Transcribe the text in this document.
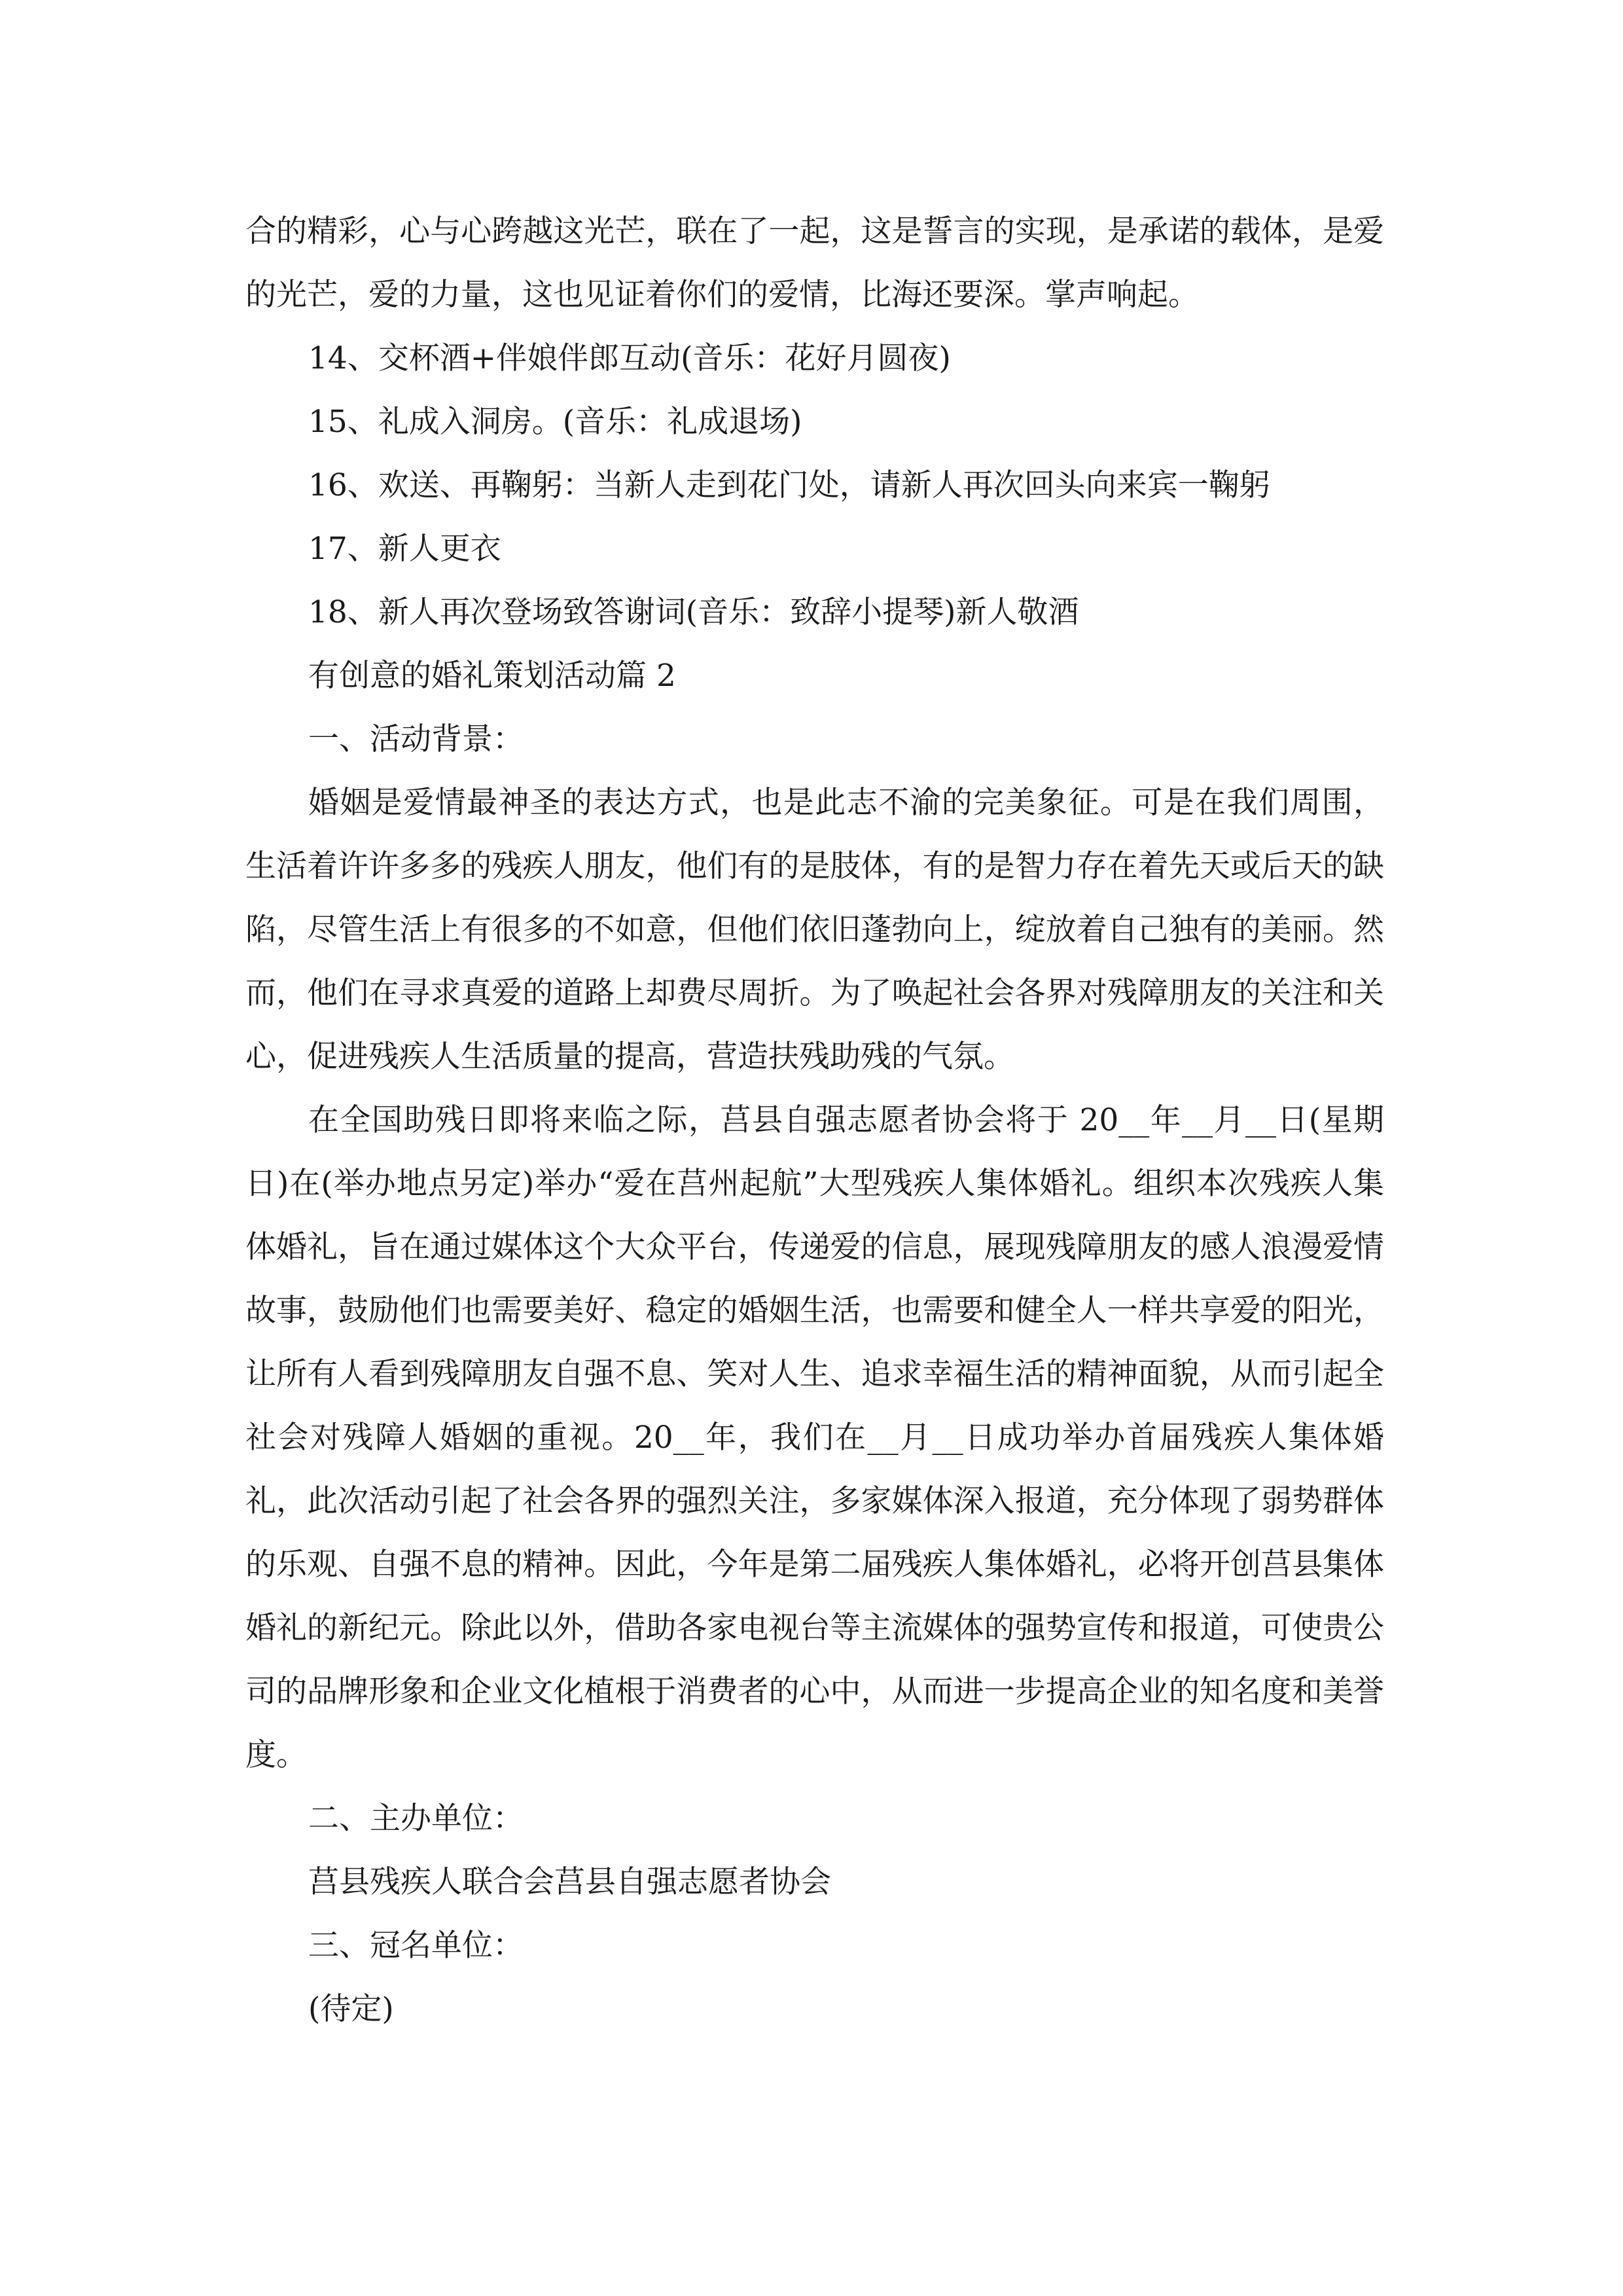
合的精彩，心与心跨越这光芒，联在了一起，这是誓言的实现，是承诺的载体，是爱的光芒，爱的力量，这也见证着你们的爱情，比海还要深。掌声响起。

14、交杯酒+伴娘伴郎互动(音乐：花好月圆夜)

15、礼成入洞房。(音乐：礼成退场)

16、欢送、再鞠躬：当新人走到花门处，请新人再次回头向来宾一鞠躬

17、新人更衣

18、新人再次登场致答谢词(音乐：致辞小提琴)新人敬酒

有创意的婚礼策划活动篇 2

一、活动背景：

婚姻是爱情最神圣的表达方式，也是此志不渝的完美象征。可是在我们周围，生活着许许多多的残疾人朋友，他们有的是肢体，有的是智力存在着先天或后天的缺陷，尽管生活上有很多的不如意，但他们依旧蓬勃向上，绽放着自己独有的美丽。然而，他们在寻求真爱的道路上却费尽周折。为了唤起社会各界对残障朋友的关注和关心，促进残疾人生活质量的提高，营造扶残助残的气氛。

在全国助残日即将来临之际，莒县自强志愿者协会将于 20__年__月__日(星期日)在(举办地点另定)举办“爱在莒州起航”大型残疾人集体婚礼。组织本次残疾人集体婚礼，旨在通过媒体这个大众平台，传递爱的信息，展现残障朋友的感人浪漫爱情故事，鼓励他们也需要美好、稳定的婚姻生活，也需要和健全人一样共享爱的阳光，让所有人看到残障朋友自强不息、笑对人生、追求幸福生活的精神面貌，从而引起全社会对残障人婚姻的重视。20__年，我们在__月__日成功举办首届残疾人集体婚礼，此次活动引起了社会各界的强烈关注，多家媒体深入报道，充分体现了弱势群体的乐观、自强不息的精神。因此，今年是第二届残疾人集体婚礼，必将开创莒县集体婚礼的新纪元。除此以外，借助各家电视台等主流媒体的强势宣传和报道，可使贵公司的品牌形象和企业文化植根于消费者的心中，从而进一步提高企业的知名度和美誉度。

二、主办单位：

莒县残疾人联合会莒县自强志愿者协会

三、冠名单位：

(待定)
